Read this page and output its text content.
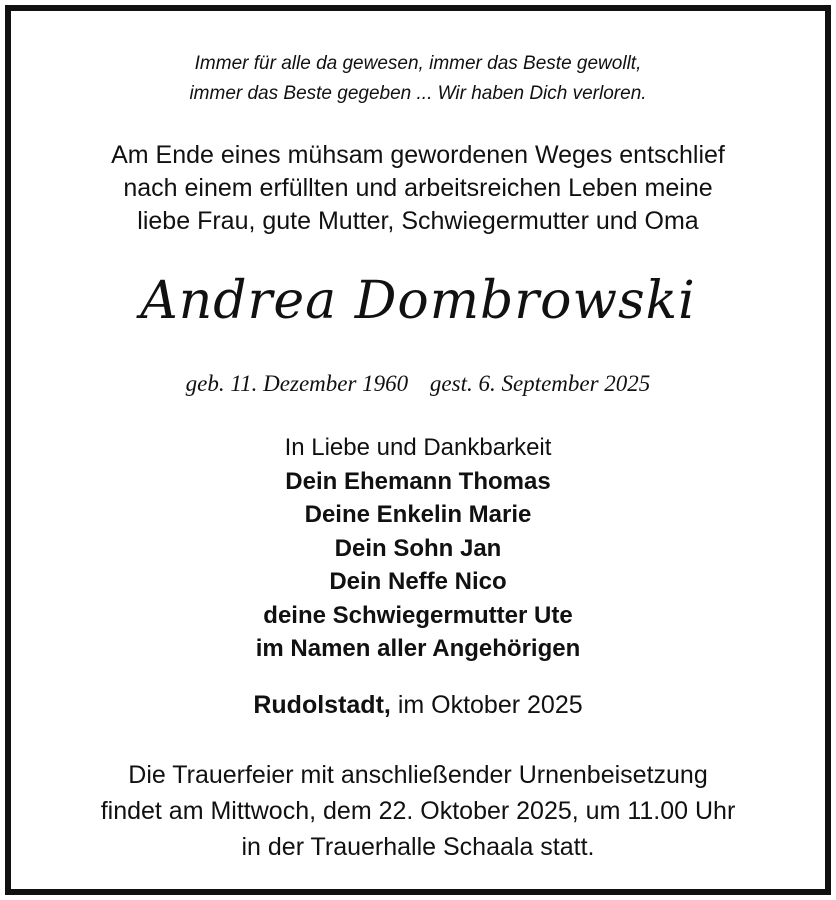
Immer für alle da gewesen, immer das Beste gewollt,
immer das Beste gegeben ... Wir haben Dich verloren.
Am Ende eines mühsam gewordenen Weges entschlief
nach einem erfüllten und arbeitsreichen Leben meine
liebe Frau, gute Mutter, Schwiegermutter und Oma
Andrea Dombrowski
geb. 11. Dezember 1960 gest. 6. September 2025
In Liebe und Dankbarkeit
Dein Ehemann Thomas
Deine Enkelin Marie
Dein Sohn Jan
Dein Neffe Nico
deine Schwiegermutter Ute
im Namen aller Angehörigen
Rudolstadt, im Oktober 2025
Die Trauerfeier mit anschließender Urnenbeisetzung
findet am Mittwoch, dem 22. Oktober 2025, um 11.00 Uhr
in der Trauerhalle Schaala statt.
